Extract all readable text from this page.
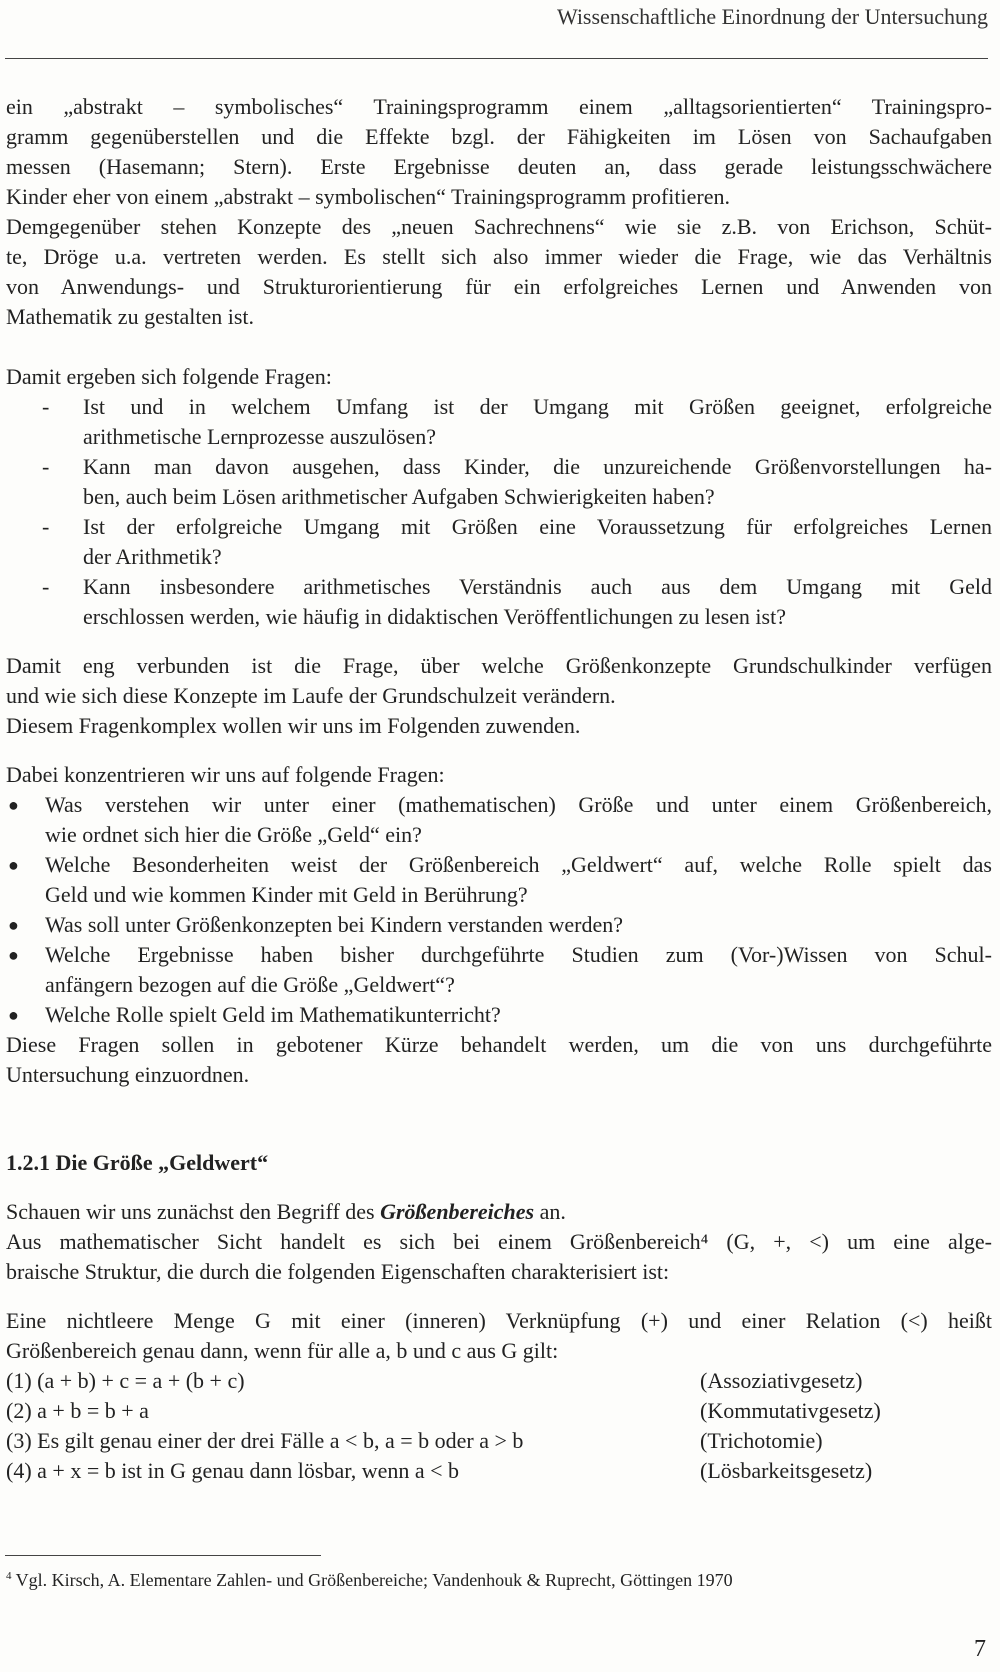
Wissenschaftliche Einordnung der Untersuchung
ein „abstrakt – symbolisches“ Trainingsprogramm einem „alltagsorientierten“ Trainingspro-
gramm gegenüberstellen und die Effekte bzgl. der Fähigkeiten im Lösen von Sachaufgaben
messen (Hasemann; Stern). Erste Ergebnisse deuten an, dass gerade leistungsschwächere
Kinder eher von einem „abstrakt – symbolischen“ Trainingsprogramm profitieren.
Demgegenüber stehen Konzepte des „neuen Sachrechnens“ wie sie z.B. von Erichson, Schüt-
te, Dröge u.a. vertreten werden. Es stellt sich also immer wieder die Frage, wie das Verhältnis
von Anwendungs- und Strukturorientierung für ein erfolgreiches Lernen und Anwenden von
Mathematik zu gestalten ist.
Damit ergeben sich folgende Fragen:
- Ist und in welchem Umfang ist der Umgang mit Größen geeignet, erfolgreiche
arithmetische Lernprozesse auszulösen?
- Kann man davon ausgehen, dass Kinder, die unzureichende Größenvorstellungen ha-
ben, auch beim Lösen arithmetischer Aufgaben Schwierigkeiten haben?
- Ist der erfolgreiche Umgang mit Größen eine Voraussetzung für erfolgreiches Lernen
der Arithmetik?
- Kann insbesondere arithmetisches Verständnis auch aus dem Umgang mit Geld
erschlossen werden, wie häufig in didaktischen Veröffentlichungen zu lesen ist?
Damit eng verbunden ist die Frage, über welche Größenkonzepte Grundschulkinder verfügen
und wie sich diese Konzepte im Laufe der Grundschulzeit verändern.
Diesem Fragenkomplex wollen wir uns im Folgenden zuwenden.
Dabei konzentrieren wir uns auf folgende Fragen:
● Was verstehen wir unter einer (mathematischen) Größe und unter einem Größenbereich,
wie ordnet sich hier die Größe „Geld“ ein?
● Welche Besonderheiten weist der Größenbereich „Geldwert“ auf, welche Rolle spielt das
Geld und wie kommen Kinder mit Geld in Berührung?
● Was soll unter Größenkonzepten bei Kindern verstanden werden?
● Welche Ergebnisse haben bisher durchgeführte Studien zum (Vor-)Wissen von Schul-
anfängern bezogen auf die Größe „Geldwert“?
● Welche Rolle spielt Geld im Mathematikunterricht?
Diese Fragen sollen in gebotener Kürze behandelt werden, um die von uns durchgeführte
Untersuchung einzuordnen.
1.2.1 Die Größe „Geldwert“
Schauen wir uns zunächst den Begriff des Größenbereiches an.
Aus mathematischer Sicht handelt es sich bei einem Größenbereich⁴ (G, +, <) um eine alge-
braische Struktur, die durch die folgenden Eigenschaften charakterisiert ist:
Eine nichtleere Menge G mit einer (inneren) Verknüpfung (+) und einer Relation (<) heißt
Größenbereich genau dann, wenn für alle a, b und c aus G gilt:
(1) (a + b) + c = a + (b + c)	(Assoziativgesetz)
(2) a + b = b + a	(Kommutativgesetz)
(3) Es gilt genau einer der drei Fälle a < b, a = b oder a > b	(Trichotomie)
(4) a + x = b ist in G genau dann lösbar, wenn a < b	(Lösbarkeitsgesetz)
$^4$ Vgl. Kirsch, A. Elementare Zahlen- und Größenbereiche; Vandenhouk & Ruprecht, Göttingen 1970
7
